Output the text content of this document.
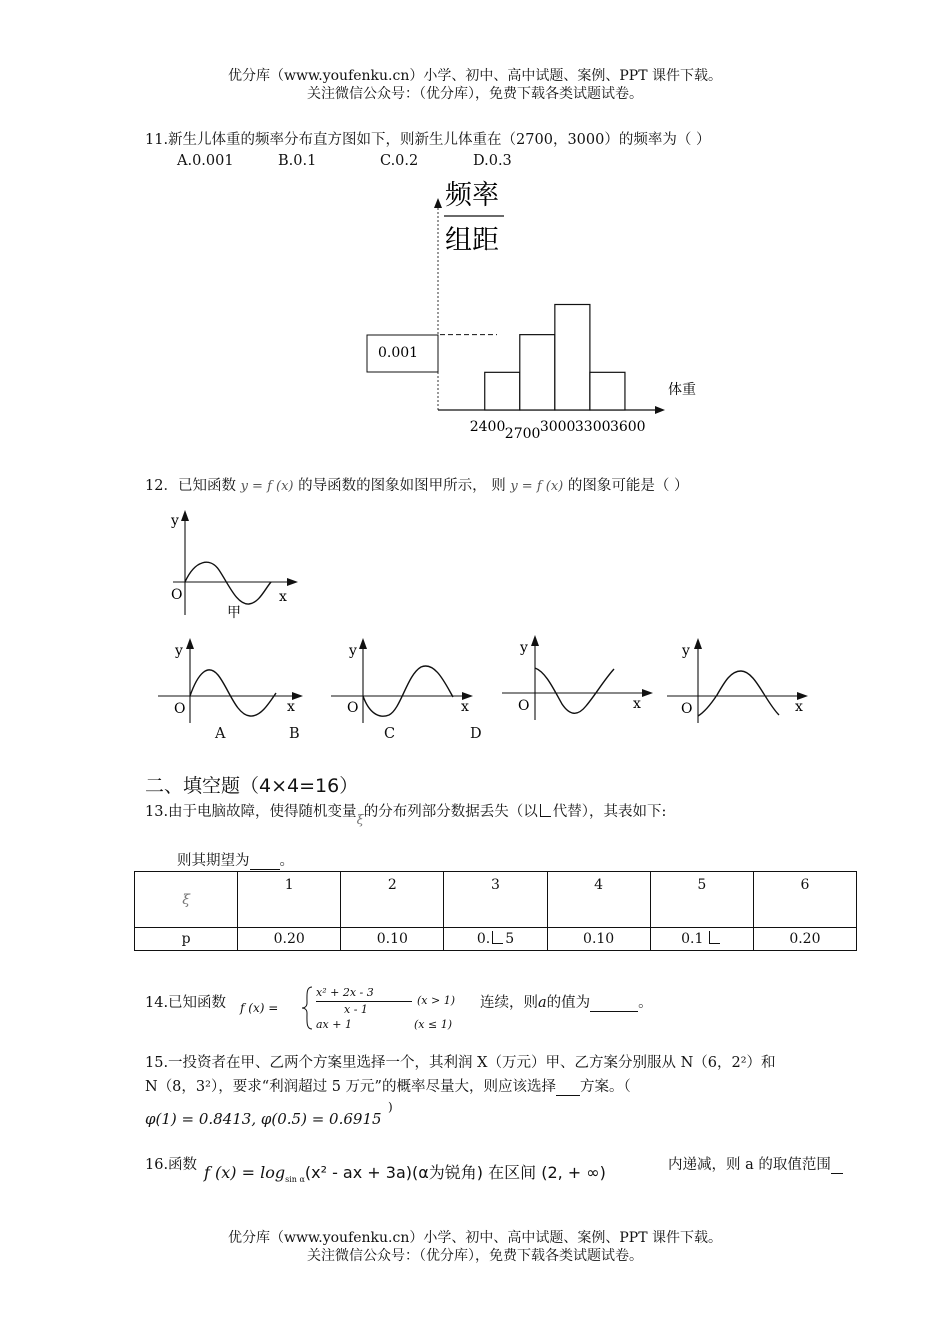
优分库（www.youfenku.cn）小学、初中、高中试题、案例、PPT 课件下载。
关注微信公众号：（优分库），免费下载各类试题试卷。
11.新生儿体重的频率分布直方图如下，则新生儿体重在（2700，3000）的频率为（ ）
A.0.001	B.0.1	C.0.2	D.0.3
频率
组距
0.001
2400 2700 3000 3300 3600
体重
12．已知函数 y = f (x) 的导函数的图象如图甲所示， 则 y = f (x) 的图象可能是（ ）
y
x
O
甲
y
x
O
y
x
O
y
x
O
y
x
O
A	B	C	D
二、填空题（4×4=16）
13.由于电脑故障，使得随机变量ξ的分布列部分数据丢失（以 代替），其表如下:
则其期望为 。
ξ	1	2	3	4	5	6
p	0.20	0.10	0. 5	0.10	0.1	0.20
14.已知函数 f (x) =
x² + 2x - 3
x - 1
(x > 1)
ax + 1	(x ≤ 1)
连续，则a的值为	。
15.一投资者在甲、乙两个方案里选择一个，其利润 X（万元）甲、乙方案分别服从 N（6，2²）和
N（8，3²），要求“利润超过 5 万元”的概率尽量大，则应该选择 方案。（
φ(1) = 0.8413, φ(0.5) = 0.6915
)
16.函数 f $(x) = \log_{sin \alpha}(x^2$ - ax + 3a)(α为锐角) 在区间 (2, + ∞)	内递减，则 a 的取值范围
优分库（www.youfenku.cn）小学、初中、高中试题、案例、PPT 课件下载。
关注微信公众号：（优分库），免费下载各类试题试卷。
